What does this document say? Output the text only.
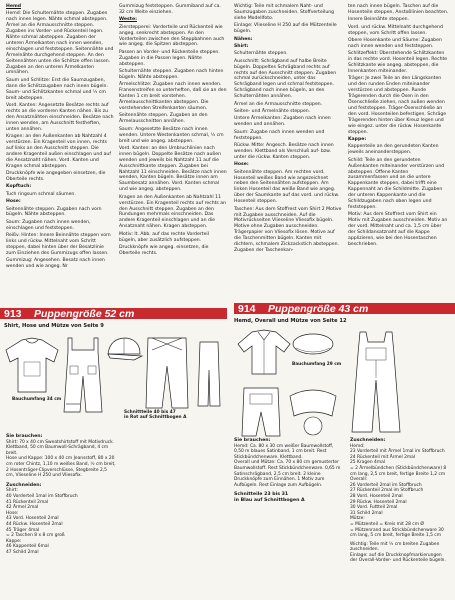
Hemd

Hemd: Die Schulternähte steppen. Zugaben nach innen legen. Nähte schmal absteppen. Ärmel an die Armausschnitte steppen. Zugaben ins Vorder- und Rückenteil legen. Nähte schmal absteppen. Zugaben der unteren Ärmelkanten nach innen wenden, einschlagen und feststeppen. Seitennähte und Ärmelnähte durchgehend steppen. An den Seitennähten unten die Schlitze offen lassen. Zugaben an den unteren Ärmelkanten umnähen.

Saum und Schlitze: Erst die Saumzugaben, dann die Schlitzzugaben nach innen bügeln. Saum- und Schlitzkanten schmal und ½ cm breit absteppen.

Vord. Kanten: Angesetzte Besätze rechts auf rechts an die vorderen Kanten nähen. Bis zu den Ansatznähten einschneiden. Besätze nach innen wenden, am Ausschnitt festheften, unten annähen.

Kragen: an den Außenkanten ab Nahtzahl 4 verstürzen. Ein Kragenteil von innen, rechts auf links an den Ausschnitt steppen. Die andere Kragenteil außen einschlagen und auf die Ansatznaht nähen. Vord. Kanten und Kragen schmal absteppen.

Druckknöpfe wie angegeben einsetzen, die Oberteile rechts.

Kopftuch:

Tuch ringsum schmal säumen.

Hose:

Seitennähte steppen. Zugaben nach vorn bügeln. Nähte absteppen.

Saum: Zugaben nach innen wenden, einschlagen und feststeppen.

Reißv. Hinten: Innere Beinnähte steppen vorn links und rückw. Mittelnaht vom Schritt steppen, dabei hinten über der Besatzlinie zum Einziehen des Gummizugs offen lassen.

Gummizug: Angesehen. Besatz nach innen wenden und wie angeg. Nr

Gummizug feststeppen. Gummiband auf ca. 32 cm Weite einziehen.

Weste:

Zierstepperei: Vorderteile und Rückenteil wie angeg. senkrecht absteppen. An den Vorderteilen zwischen den Steppbahnen auch wie angeg. die Spitzen absteppen.

Passen an Vorder- und Rückenteile steppen. Zugaben in die Passen legen. Nähte absteppen.

Schulternähte steppen. Zugaben nach hinten bügeln. Nähte absteppen.

Ärmelschlitze: Zugaben nach innen wenden. Fransenstreifen so unterheften, daß sie an den Kanten 1 cm breit vorstehen. Ärmelausschnittkanten absteppen. Die vorstehenden Streifenkanten säumen.

Seitennähte steppen. Zugaben an den Ärmelausschnitten annähen.

Saum: Angesetzte Besätze nach innen wenden. Untere Westenkanten schmal, ½ cm breit und wie angeg. absteppen.

Vord. Kanten: an den Umbruchlinien nach innen bügeln. Doppelte Besätze nach außen wenden und jeweils bis Nahtzahl 11 auf die Ausschnittkante steppen. Zugaben bei Nahtzahl 11 einschneiden. Besätze nach innen wenden, Kanten bügeln. Besätze innen am Saumbesatz annähen. Vord. Kanten schmal und wie angeg. absteppen.

Kragen an den Außenkanten ab Nahtzahl 11 verstürzen. Ein Kragenteil rechts auf rechts an den Ausschnitt steppen. Zugaben an den Rundungen mehrmals einschneiden. Das andere Kragenteil einschlagen und an die Ansatznaht nähen. Kragen absteppen.

Motiv: lt. Abb. auf das rechte Vorderteil bügeln, aber zusätzlich aufsteppen.

Druckknöpfe wie angeg. einsetzen, die Oberteile rechts.

Wichtig: Teile mit schmalem Naht- und Saumzugaben zuschneiden. Stoffverteilung siehe Modellfoto.

Einlage: Vlieseline H 250 auf die Mützenteile bügeln.

Nähen:

Shirt:

Schulternähte steppen.

Ausschnitt: Schrägband auf halbe Breite bügeln. Doppeltes Schrägband rechts auf rechts auf den Ausschnitt steppen. Zugaben schmal zurückschneiden, unter das Schrägband legen und schmal feststeppen. Schrägband nach innen bügeln, an den Schulternähten annähen.

Ärmel an die Armausschnitte steppen.

Seiten- und Ärmelnähte steppen.

Untere Ärmelkanten: Zugaben nach innen wenden und annähen.

Saum: Zugabe nach innen wenden und feststeppen.

Rückw. Mitte: Angesch. Besätze nach innen wenden. Klettband als Verschluß auf- bzw. unter die rückw. Kanten steppen.

Hose:

Seitennähte steppen. Am rechten vord. Hosenteil weißes Band wie angezeichnet neben den Seitennähten aufsteppen. Am linken Hosenteil das weiße Band wie angeg. über der Saumkante auf das vord. und rückw. Hosenteil steppen.

Taschen: Aus dem Stoffrest vom Shirt 2 Motive mit Zugaben ausschneiden. Auf die Motivrückseiten Vlieseline Vliesofix bügeln. Motive ohne Zugaben ausschneiden. Trägerpapier von Vliesofix lösen. Motive auf die Taschenmitten bügeln. Kanten mit dichtem, schmalem Zickzackstich absteppen. Zugaben der Taschenkan-

ten nach innen bügeln. Taschen auf die Hosenteile steppen, Anstoßlinien beachten.

Innere Beinnähte steppen.

Vord. und rückw. Mittelnaht durchgehend steppen, vom Schritt offen lassen.

Obere Hosenkante und Säume: Zugaben nach innen wenden und feststeppen.

Schlitzeffekt: Überstehende Schlitzkanten in das rechte vord. Hosenteil legen. Rechte Schlitzkante wie angeg. absteppen, die Innenkanten miteinander.

Träger: Je zwei Teile an den Längskanten und den runden Enden miteinander verstürzen und absteppen. Runde Trägerenden durch die Ösen in den Ösenschließe ziehen, nach außen wenden und feststeppen. Träger-Ösenschließe an den vord. Hosenteilen befestigen. Schräge Trägerenden hinten über Kreuz legen und wie eingez. unter die rückw. Hosenkante steppen.

Kappe:

Kappenteile an den gerundeten Kanten jeweils aneinandersteppen.

Schild: Teile an den gerundeten Außenkanten miteinander verstürzen und absteppen. Offene Kanten zusammenfassen und an die untere Kappenkante steppen, dabei trifft eine Kappennaht an die Schildmitte. Zugaben der unteren Kappenkante und die Schildzugaben nach oben legen und feststeppen.

Motiv: Aus dem Stoffrest vom Shirt ein Motiv mit Zugaben ausschneiden. Motiv an der vord. Mittelnaht und ca. 1,5 cm über der Schildansatznaht auf die Kappe applizieren, wie bei den Hosentaschen beschrieben.

913	Puppengröße 52 cm
Shirt, Hose und Mütze von Seite 9
914	Puppengröße 43 cm
Hemd, Overall und Mütze von Seite 12
Bauchumfang 34 cm
Schnittteile 40 bis 47
in Rot auf Schnittbogen A
Sie brauchen:
Shirt: 70 x 40 cm Sweatshirtstoff mit Motivdruck. Klettband, 50 cm Baumwoll-Schrägband, 4 cm breit.
Hose und Kappe: 100 x 40 cm Jeansstoff, 80 x 20 cm roter Chintz, 1,10 m weißes Band, ½ cm breit, 2 Hosenträger-Clipverschlüsse, Stegbreite 2,5 cm, Vlieseline H 250 und Vliesofix.
Zuschneiden:
Shirt:
40 Vorderteil 1mal im Stoffbruch
41 Rückenteil 2mal
42 Ärmel 2mal
Hose:
43 Vord. Hosenteil 2mal
44 Rückw. Hosenteil 2mal
45 Träger 4mal
= 2 Taschen 8 x 8 cm groß
Kappe:
46 Kappenteil 6mal
47 Schild 2mal
Bauchumfang 29 cm
Sie brauchen:
Hemd: Ca. 80 x 30 cm weißer Baumwollstoff, 0,50 m blaues Satinband, 1 cm breit. Rest Stickbündchenware. Klettband.
Overall und Mütze: Ca. 70 x 80 cm gemusterter Baumwollstoff. Rest Stickbündchenware. 0,65 m Satinschrägband, 2,5 cm breit. 2 kleine Druckknöpfe zum Einnähen. 1 Motiv zum Aufbügeln. Rest Einlage zum Aufbügeln.
Schnitteile 23 bis 31
in Blau auf Schnittbogen A
Zuschneiden:
Hemd:
23 Vorderteil mit Ärmel 1mal im Stoffbruch
24 Rückenteil mit Ärmel 2mal
25 Kragen 4mal
= 2 Ärmelbündchen (Stickbündchenware) 8 cm lang, 2,5 cm breit, fertige Breite 1,2 cm
Overall:
26 Vorderteil 2mal im Stoffbruch
27 Rückenteil 2mal im Stoffbruch
28 Vord. Hosenteil 2mal
29 Rückw. Hosenteil 2mal
30 Vord. Futtteil 2mal
31 Schild 2mal
Mütze:
= Mützenteil = Kreis mit 28 cm Ø
= Mützenrand aus Strickbündchenware 30 cm lang, 5 cm breit, fertige Breite 1,5 cm
Wichtig: Teile mit ½ cm breiten Zugaben zuschneiden.
Einlage: auf die Druckknopfmarkierungen der Overall-Vorder- und Rückenteile bügeln.
